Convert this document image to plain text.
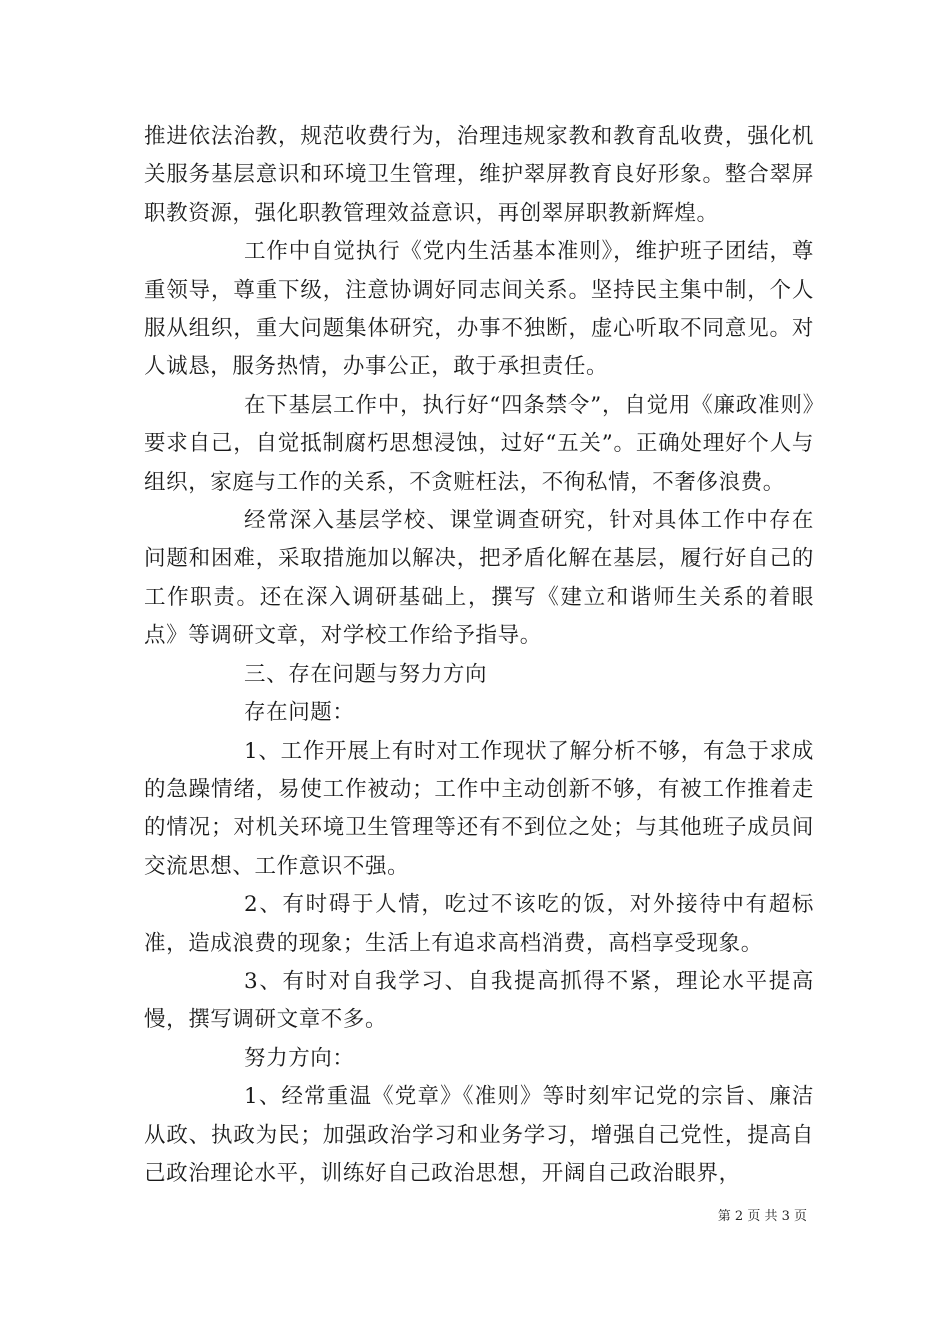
推进依法治教，规范收费行为，治理违规家教和教育乱收费，强化机关服务基层意识和环境卫生管理，维护翠屏教育良好形象。整合翠屏职教资源，强化职教管理效益意识，再创翠屏职教新辉煌。

工作中自觉执行《党内生活基本准则》，维护班子团结，尊重领导，尊重下级，注意协调好同志间关系。坚持民主集中制，个人服从组织，重大问题集体研究，办事不独断，虚心听取不同意见。对人诚恳，服务热情，办事公正，敢于承担责任。

在下基层工作中，执行好“四条禁令”，自觉用《廉政准则》要求自己，自觉抵制腐朽思想浸蚀，过好“五关”。正确处理好个人与组织，家庭与工作的关系，不贪赃枉法，不徇私情，不奢侈浪费。

经常深入基层学校、课堂调查研究，针对具体工作中存在问题和困难，采取措施加以解决，把矛盾化解在基层，履行好自己的工作职责。还在深入调研基础上，撰写《建立和谐师生关系的着眼点》等调研文章，对学校工作给予指导。

三、存在问题与努力方向

存在问题：

1、工作开展上有时对工作现状了解分析不够，有急于求成的急躁情绪，易使工作被动；工作中主动创新不够，有被工作推着走的情况；对机关环境卫生管理等还有不到位之处；与其他班子成员间交流思想、工作意识不强。

2、有时碍于人情，吃过不该吃的饭，对外接待中有超标准，造成浪费的现象；生活上有追求高档消费，高档享受现象。

3、有时对自我学习、自我提高抓得不紧，理论水平提高慢，撰写调研文章不多。

努力方向：

1、经常重温《党章》《准则》等时刻牢记党的宗旨、廉洁从政、执政为民；加强政治学习和业务学习，增强自己党性，提高自己政治理论水平，训练好自己政治思想，开阔自己政治眼界，

第 2 页 共 3 页
